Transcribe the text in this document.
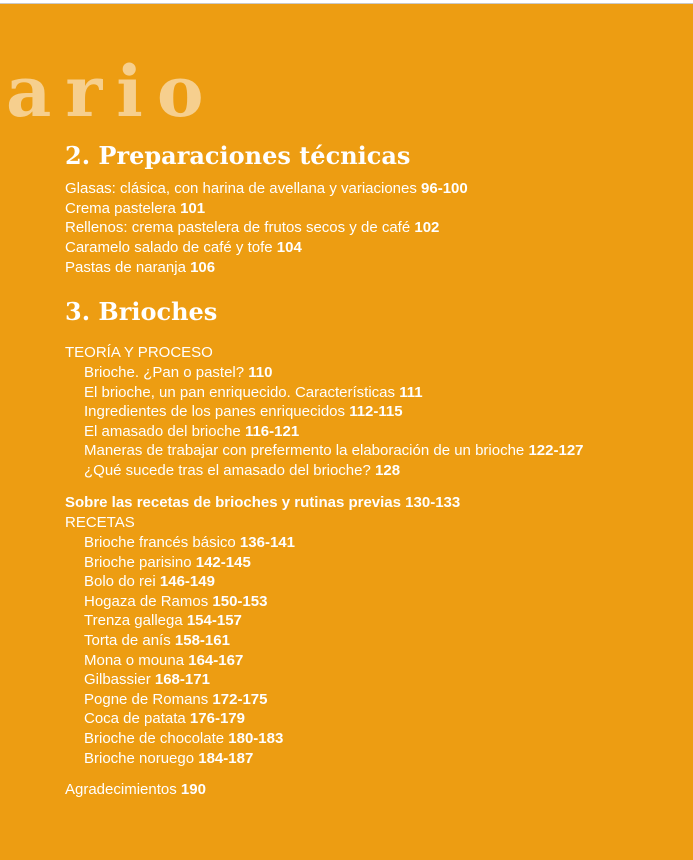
ario
2. Preparaciones técnicas
Glasas: clásica, con harina de avellana y variaciones 96-100
Crema pastelera 101
Rellenos: crema pastelera de frutos secos y de café 102
Caramelo salado de café y tofe 104
Pastas de naranja 106
3. Brioches
TEORÍA Y PROCESO
Brioche. ¿Pan o pastel? 110
El brioche, un pan enriquecido. Características 111
Ingredientes de los panes enriquecidos 112-115
El amasado del brioche 116-121
Maneras de trabajar con prefermento la elaboración de un brioche 122-127
¿Qué sucede tras el amasado del brioche? 128
Sobre las recetas de brioches y rutinas previas 130-133
RECETAS
Brioche francés básico 136-141
Brioche parisino 142-145
Bolo do rei 146-149
Hogaza de Ramos 150-153
Trenza gallega 154-157
Torta de anís 158-161
Mona o mouna 164-167
Gilbassier 168-171
Pogne de Romans 172-175
Coca de patata 176-179
Brioche de chocolate 180-183
Brioche noruego 184-187
Agradecimientos 190
